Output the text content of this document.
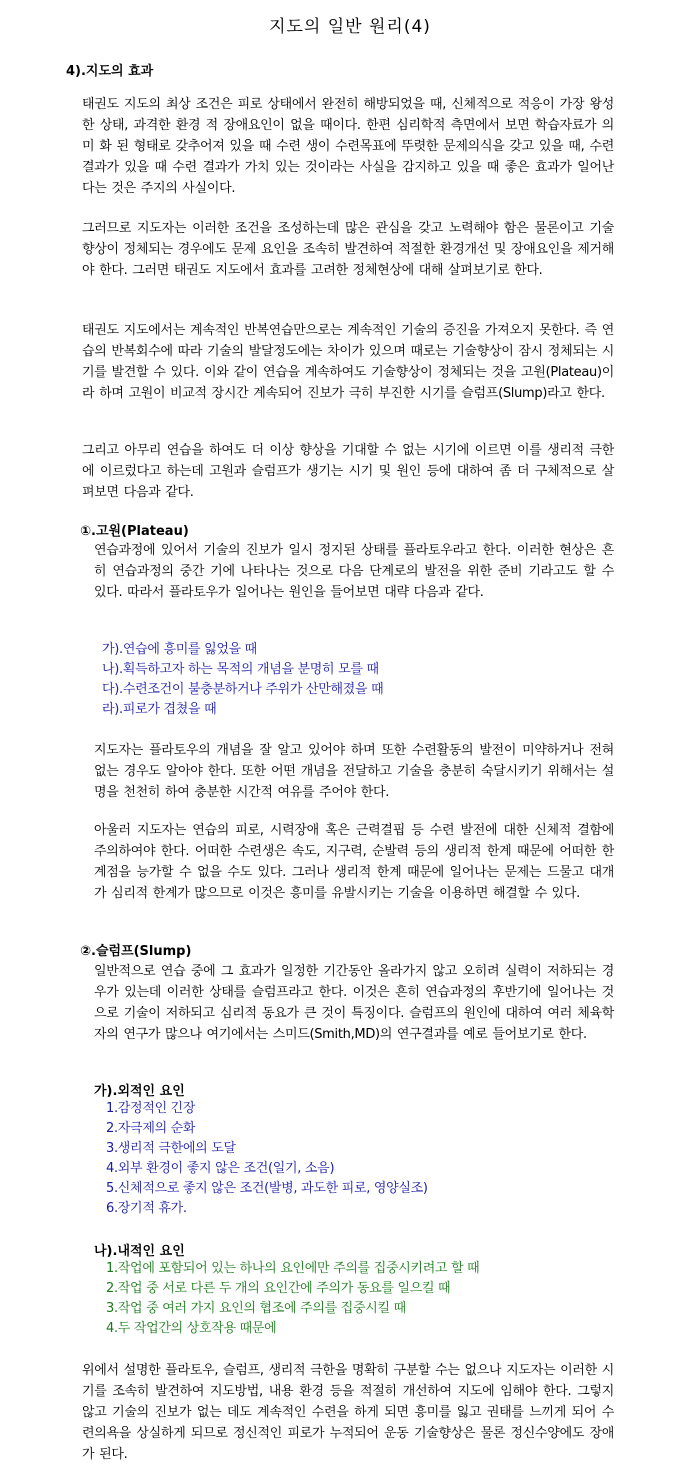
지도의 일반 원리(4)
4).지도의 효과
태권도 지도의 최상 조건은 피로 상태에서 완전히 해방되었을 때, 신체적으로 적응이 가장 왕성한 상태, 과격한 환경 적 장애요인이 없을 때이다. 한편 심리학적 측면에서 보면 학습자료가 의미 화 된 형태로 갖추어져 있을 때 수련 생이 수련목표에 뚜렷한 문제의식을 갖고 있을 때, 수련 결과가 있을 때 수련 결과가 가치 있는 것이라는 사실을 감지하고 있을 때 좋은 효과가 일어난다는 것은 주지의 사실이다.
그러므로 지도자는 이러한 조건을 조성하는데 많은 관심을 갖고 노력해야 함은 물론이고 기술 향상이 정체되는 경우에도 문제 요인을 조속히 발견하여 적절한 환경개선 및 장애요인을 제거해야 한다. 그러면 태권도 지도에서 효과를 고려한 정체현상에 대해 살펴보기로 한다.
태권도 지도에서는 계속적인 반복연습만으로는 계속적인 기술의 증진을 가져오지 못한다. 즉 연습의 반복회수에 따라 기술의 발달정도에는 차이가 있으며 때로는 기술향상이 잠시 정체되는 시기를 발견할 수 있다. 이와 같이 연습을 계속하여도 기술향상이 정체되는 것을 고원(Plateau)이라 하며 고원이 비교적 장시간 계속되어 진보가 극히 부진한 시기를 슬럼프(Slump)라고 한다.
그리고 아무리 연습을 하여도 더 이상 향상을 기대할 수 없는 시기에 이르면 이를 생리적 극한에 이르렀다고 하는데 고원과 슬럼프가 생기는 시기 및 원인 등에 대하여 좀 더 구체적으로 살펴보면 다음과 같다.
①.고원(Plateau)
연습과정에 있어서 기술의 진보가 일시 정지된 상태를 플라토우라고 한다. 이러한 현상은 흔히 연습과정의 중간 기에 나타나는 것으로 다음 단계로의 발전을 위한 준비 기라고도 할 수 있다. 따라서 플라토우가 일어나는 원인을 들어보면 대략 다음과 같다.
가).연습에 흥미를 잃었을 때
나).획득하고자 하는 목적의 개념을 분명히 모를 때
다).수련조건이 불충분하거나 주위가 산만해졌을 때
라).피로가 겹쳤을 때
지도자는 플라토우의 개념을 잘 알고 있어야 하며 또한 수련활동의 발전이 미약하거나 전혀 없는 경우도 알아야 한다. 또한 어떤 개념을 전달하고 기술을 충분히 숙달시키기 위해서는 설명을 천천히 하여 충분한 시간적 여유를 주어야 한다.
아울러 지도자는 연습의 피로, 시력장애 혹은 근력결핍 등 수련 발전에 대한 신체적 결함에 주의하여야 한다. 어떠한 수련생은 속도, 지구력, 순발력 등의 생리적 한계 때문에 어떠한 한계점을 능가할 수 없을 수도 있다. 그러나 생리적 한계 때문에 일어나는 문제는 드물고 대개가 심리적 한계가 많으므로 이것은 흥미를 유발시키는 기술을 이용하면 해결할 수 있다.
②.슬럼프(Slump)
일반적으로 연습 중에 그 효과가 일정한 기간동안 올라가지 않고 오히려 실력이 저하되는 경우가 있는데 이러한 상태를 슬럼프라고 한다. 이것은 흔히 연습과정의 후반기에 일어나는 것으로 기술이 저하되고 심리적 동요가 큰 것이 특징이다. 슬럼프의 원인에 대하여 여러 체육학자의 연구가 많으나 여기에서는 스미드(Smith,MD)의 연구결과를 예로 들어보기로 한다.
가).외적인 요인
1.감정적인 긴장
2.자극제의 순화
3.생리적 극한에의 도달
4.외부 환경이 좋지 않은 조건(일기, 소음)
5.신체적으로 좋지 않은 조건(발병, 과도한 피로, 영양실조)
6.장기적 휴가.
나).내적인 요인
1.작업에 포함되어 있는 하나의 요인에만 주의를 집중시키려고 할 때
2.작업 중 서로 다른 두 개의 요인간에 주의가 동요를 일으킬 때
3.작업 중 여러 가지 요인의 협조에 주의를 집중시킬 때
4.두 작업간의 상호작용 때문에
위에서 설명한 플라토우, 슬럼프, 생리적 극한을 명확히 구분할 수는 없으나 지도자는 이러한 시기를 조속히 발견하여 지도방법, 내용 환경 등을 적절히 개선하여 지도에 임해야 한다. 그렇지 않고 기술의 진보가 없는 데도 계속적인 수련을 하게 되면 흥미를 잃고 권태를 느끼게 되어 수련의욕을 상실하게 되므로 정신적인 피로가 누적되어 운동 기술향상은 물론 정신수양에도 장애가 된다.
